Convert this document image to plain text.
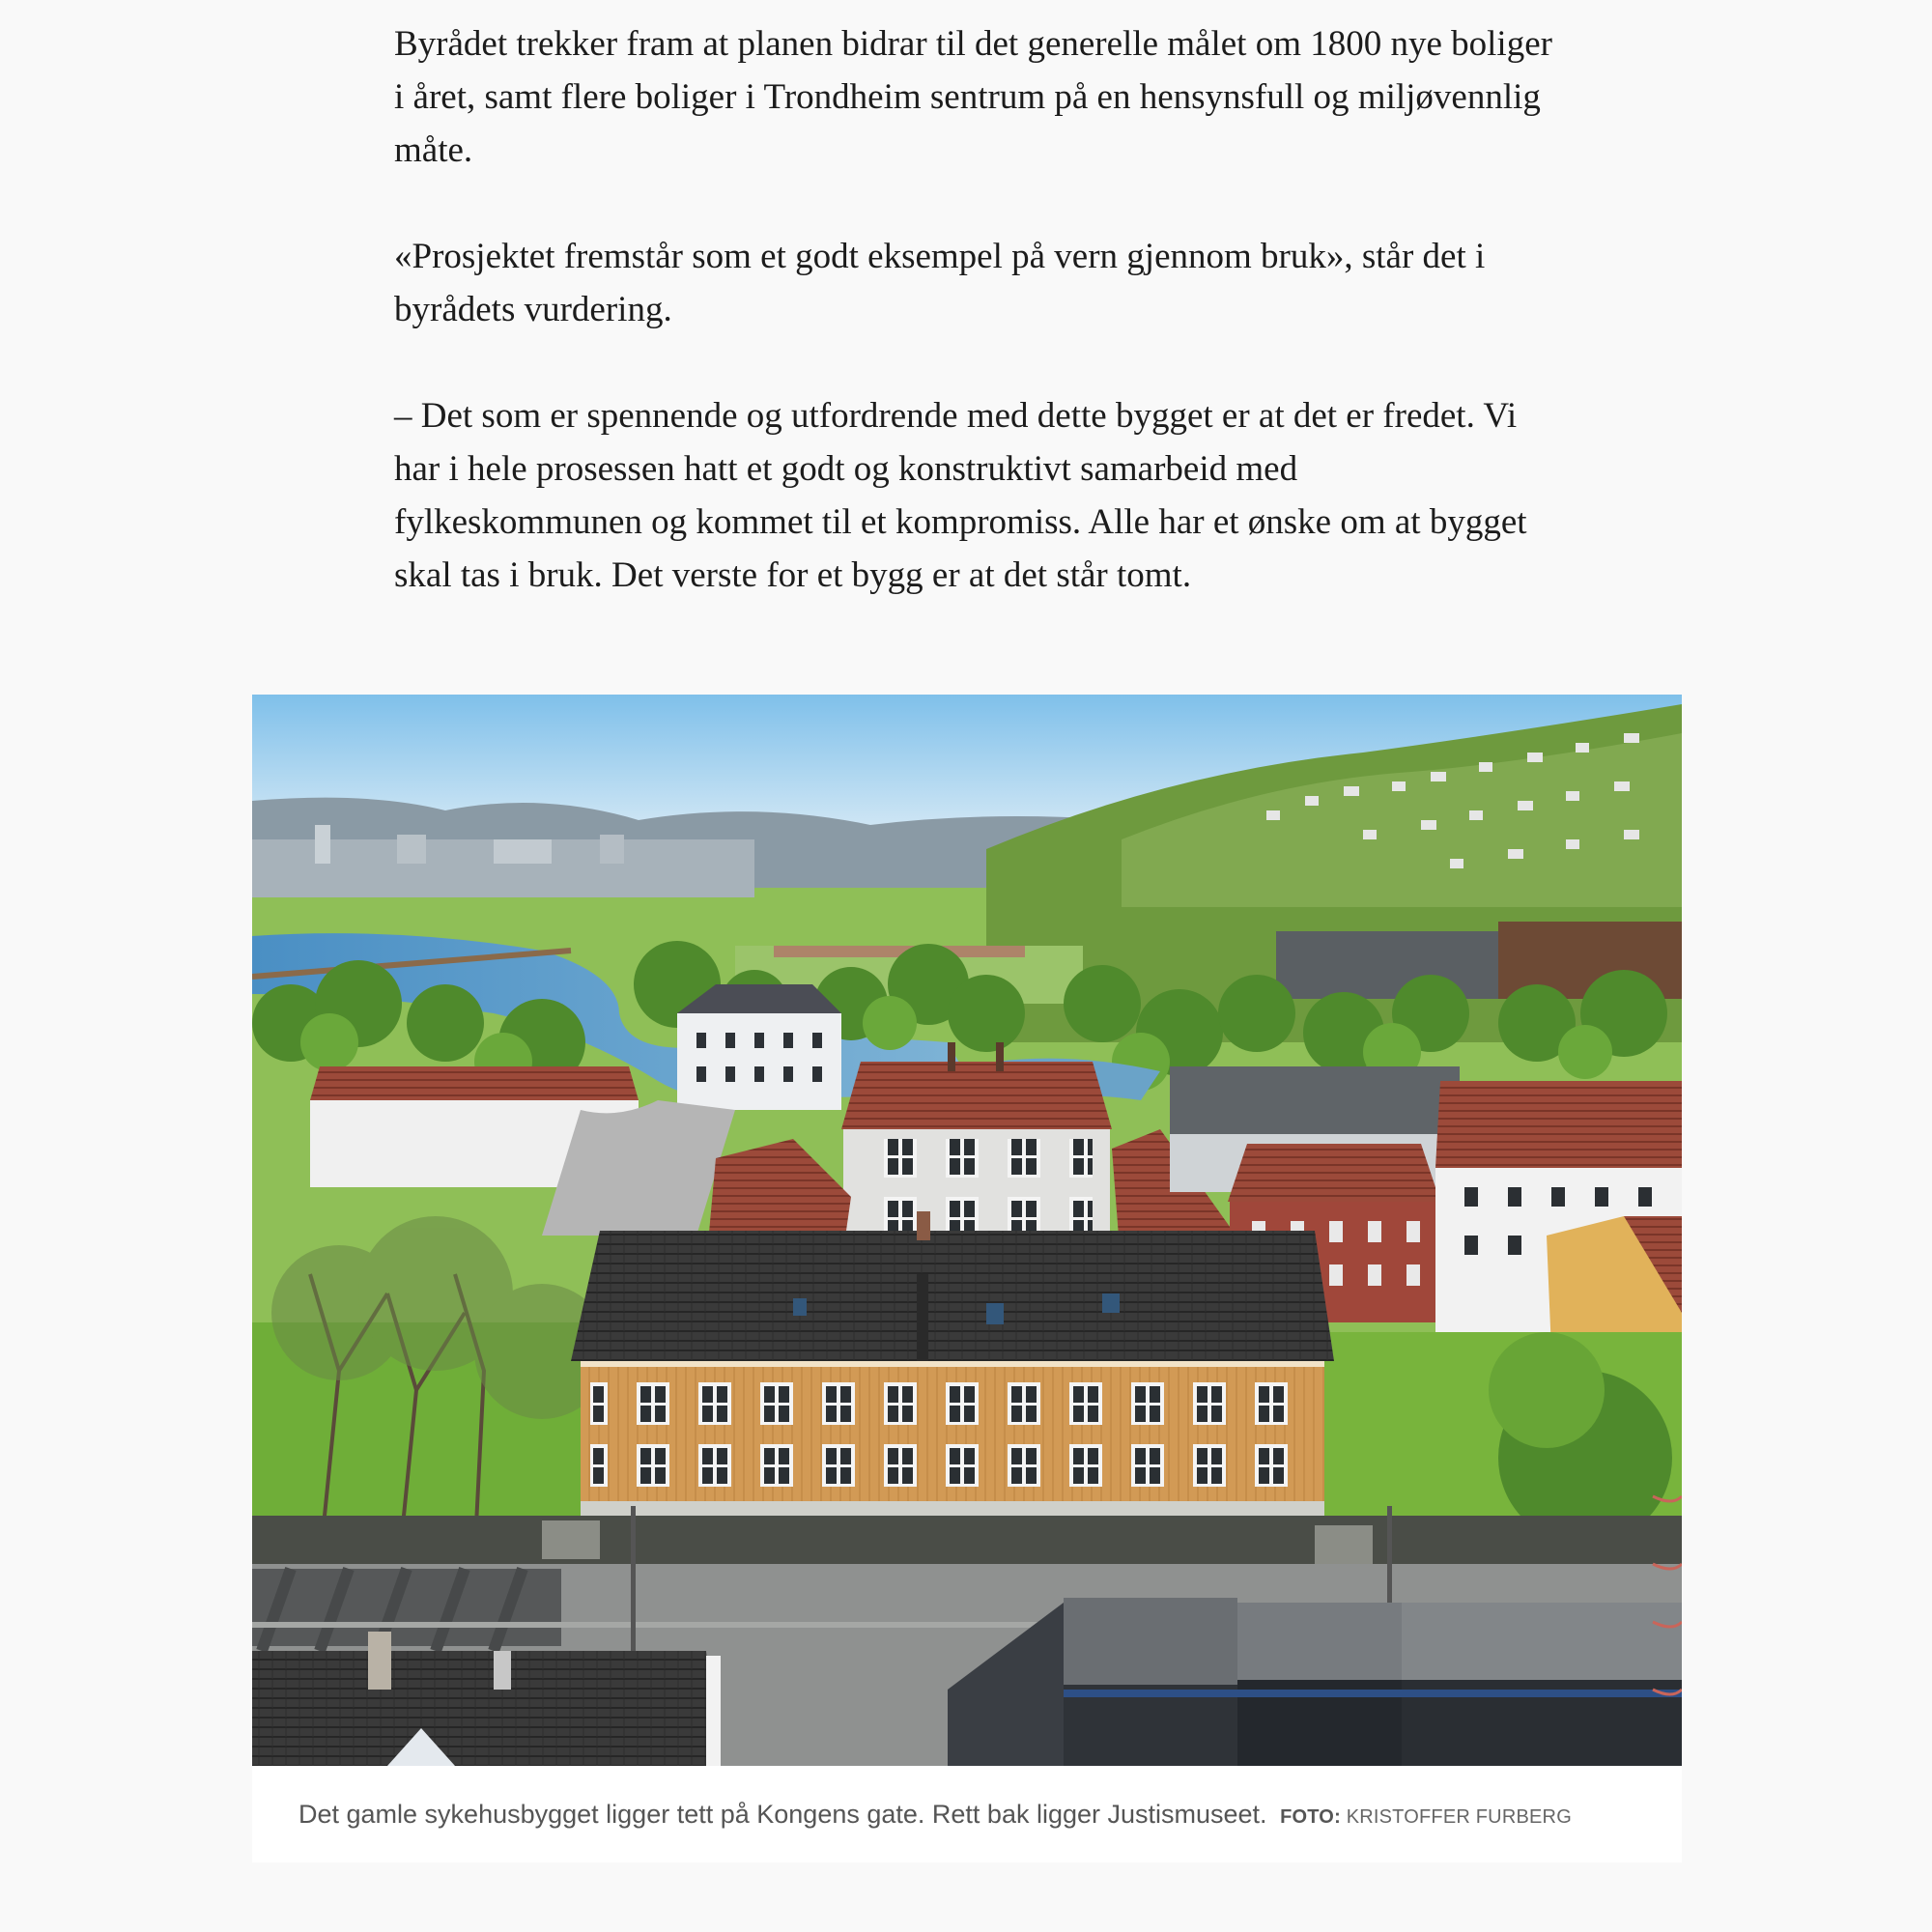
Byrådet trekker fram at planen bidrar til det generelle målet om 1800 nye boliger i året, samt flere boliger i Trondheim sentrum på en hensynsfull og miljøvennlig måte.

«Prosjektet fremstår som et godt eksempel på vern gjennom bruk», står det i byrådets vurdering.

– Det som er spennende og utfordrende med dette bygget er at det er fredet. Vi har i hele prosessen hatt et godt og konstruktivt samarbeid med fylkeskommunen og kommet til et kompromiss. Alle har et ønske om at bygget skal tas i bruk. Det verste for et bygg er at det står tomt.

Det gamle sykehusbygget ligger tett på Kongens gate. Rett bak ligger Justismuseet. FOTO: KRISTOFFER FURBERG
